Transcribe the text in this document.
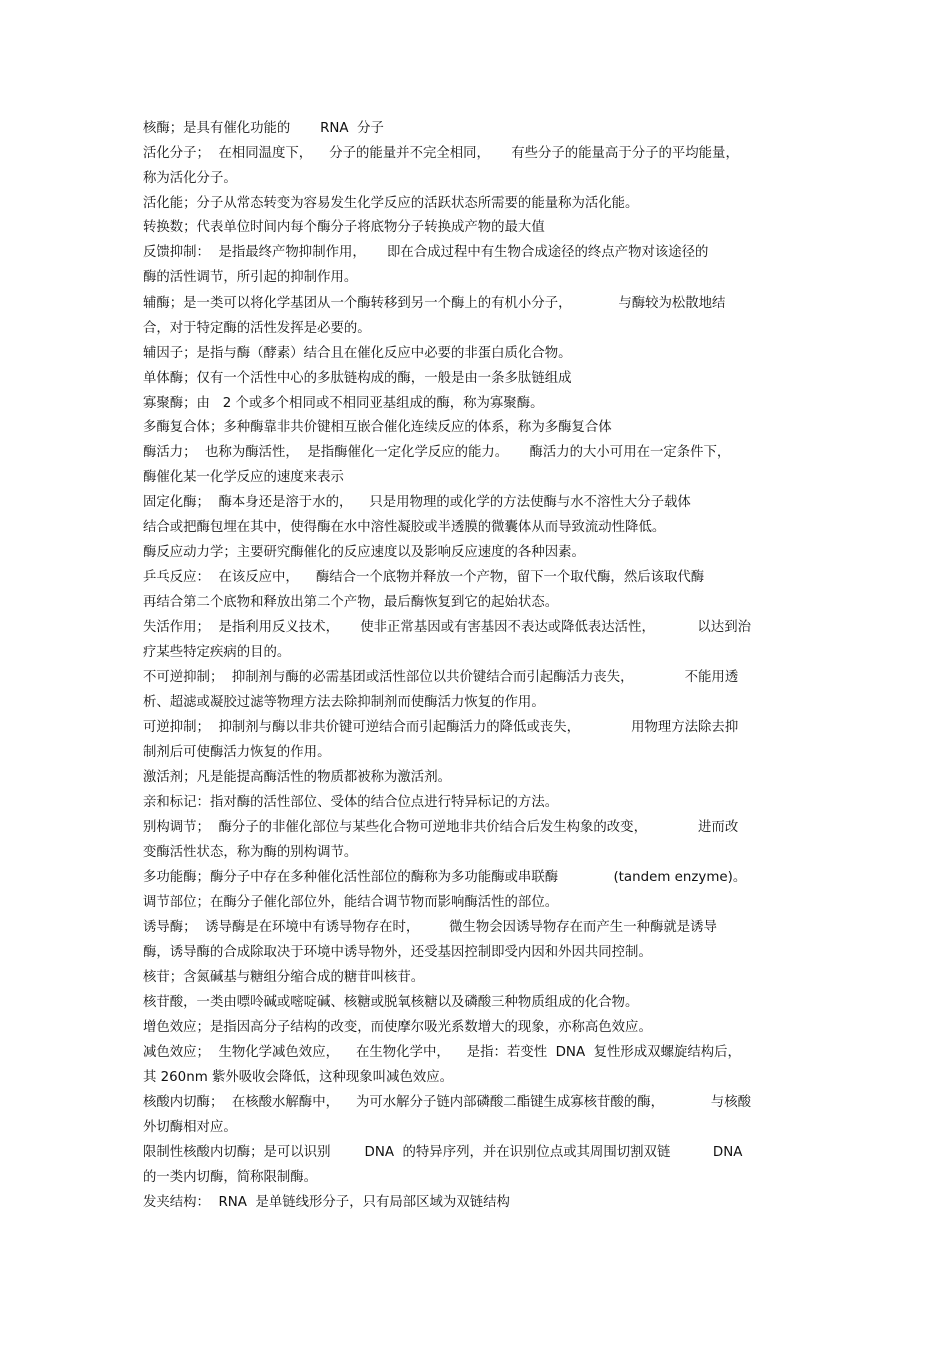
核酶；是具有催化功能的       RNA  分子
活化分子；  在相同温度下，    分子的能量并不完全相同，     有些分子的能量高于分子的平均能量，
称为活化分子。
活化能；分子从常态转变为容易发生化学反应的活跃状态所需要的能量称为活化能。
转换数；代表单位时间内每个酶分子将底物分子转换成产物的最大值
反馈抑制：  是指最终产物抑制作用，     即在合成过程中有生物合成途径的终点产物对该途径的
酶的活性调节，所引起的抑制作用。
辅酶；是一类可以将化学基团从一个酶转移到另一个酶上的有机小分子，           与酶较为松散地结
合，对于特定酶的活性发挥是必要的。
辅因子；是指与酶（酵素）结合且在催化反应中必要的非蛋白质化合物。
单体酶；仅有一个活性中心的多肽链构成的酶，一般是由一条多肽链组成
寡聚酶；由   2 个或多个相同或不相同亚基组成的酶，称为寡聚酶。
多酶复合体；多种酶靠非共价键相互嵌合催化连续反应的体系，称为多酶复合体
酶活力；  也称为酶活性，  是指酶催化一定化学反应的能力。     酶活力的大小可用在一定条件下，
酶催化某一化学反应的速度来表示
固定化酶；  酶本身还是溶于水的，    只是用物理的或化学的方法使酶与水不溶性大分子载体
结合或把酶包埋在其中，使得酶在水中溶性凝胶或半透膜的微囊体从而导致流动性降低。
酶反应动力学；主要研究酶催化的反应速度以及影响反应速度的各种因素。
乒乓反应：  在该反应中，    酶结合一个底物并释放一个产物，留下一个取代酶，然后该取代酶
再结合第二个底物和释放出第二个产物，最后酶恢复到它的起始状态。
失活作用；  是指利用反义技术，     使非正常基因或有害基因不表达或降低表达活性，          以达到治
疗某些特定疾病的目的。
不可逆抑制；  抑制剂与酶的必需基团或活性部位以共价键结合而引起酶活力丧失，            不能用透
析、超滤或凝胶过滤等物理方法去除抑制剂而使酶活力恢复的作用。
可逆抑制；  抑制剂与酶以非共价键可逆结合而引起酶活力的降低或丧失，            用物理方法除去抑
制剂后可使酶活力恢复的作用。
激活剂；凡是能提高酶活性的物质都被称为激活剂。
亲和标记：指对酶的活性部位、受体的结合位点进行特异标记的方法。
别构调节；  酶分子的非催化部位与某些化合物可逆地非共价结合后发生构象的改变，            进而改
变酶活性状态，称为酶的别构调节。
多功能酶；酶分子中存在多种催化活性部位的酶称为多功能酶或串联酶             (tandem enzyme)。
调节部位；在酶分子催化部位外，能结合调节物而影响酶活性的部位。
诱导酶；  诱导酶是在环境中有诱导物存在时，       微生物会因诱导物存在而产生一种酶就是诱导
酶，诱导酶的合成除取决于环境中诱导物外，还受基因控制即受内因和外因共同控制。
核苷；含氮碱基与糖组分缩合成的糖苷叫核苷。
核苷酸，一类由嘌呤碱或嘧啶碱、核糖或脱氧核糖以及磷酸三种物质组成的化合物。
增色效应；是指因高分子结构的改变，而使摩尔吸光系数增大的现象，亦称高色效应。
减色效应；  生物化学减色效应，    在生物化学中，    是指：若变性  DNA  复性形成双螺旋结构后，
其 260nm 紫外吸收会降低，这种现象叫减色效应。
核酸内切酶；  在核酸水解酶中，    为可水解分子链内部磷酸二酯键生成寡核苷酸的酶，           与核酸
外切酶相对应。
限制性核酸内切酶；是可以识别        DNA  的特异序列，并在识别位点或其周围切割双链          DNA
的一类内切酶，简称限制酶。
发夹结构：  RNA  是单链线形分子，只有局部区域为双链结构
